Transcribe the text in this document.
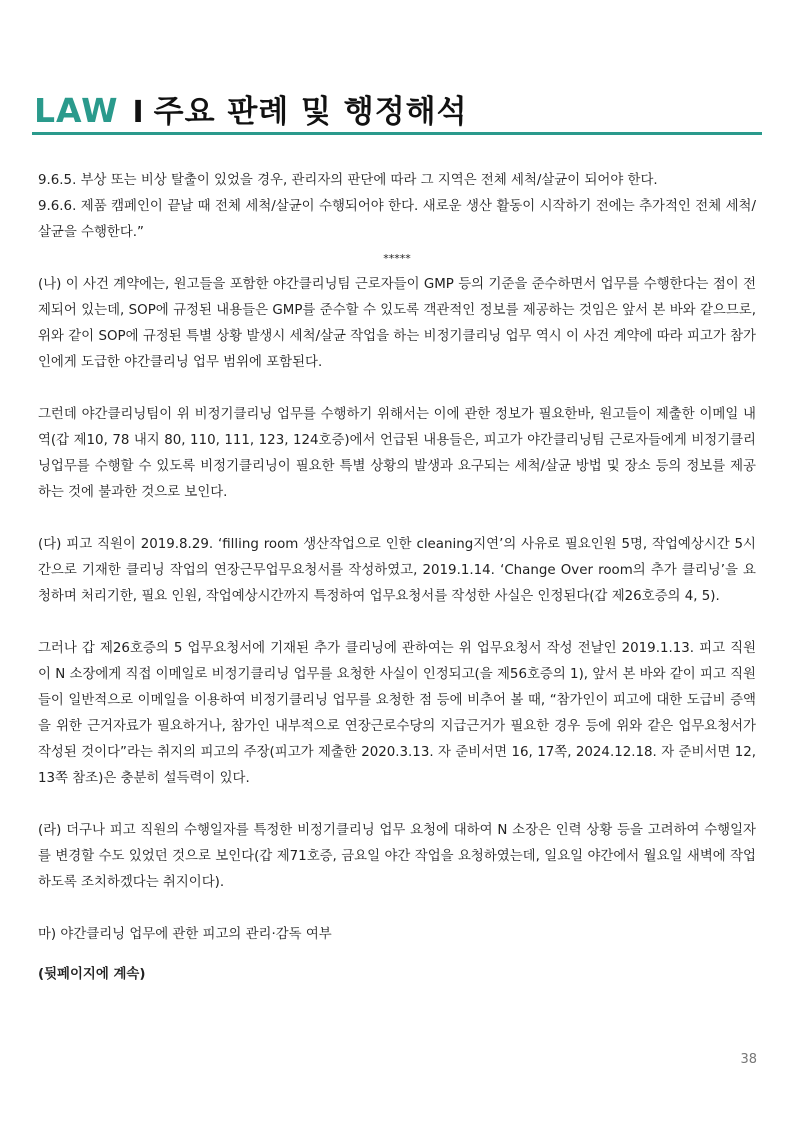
LAW I 주요 판례 및 행정해석

9.6.5. 부상 또는 비상 탈출이 있었을 경우, 관리자의 판단에 따라 그 지역은 전체 세척/살균이 되어야 한다.

9.6.6. 제품 캠페인이 끝날 때 전체 세척/살균이 수행되어야 한다. 새로운 생산 활동이 시작하기 전에는 추가적인 전체 세척/살균을 수행한다.”

*****

(나) 이 사건 계약에는, 원고들을 포함한 야간클리닝팀 근로자들이 GMP 등의 기준을 준수하면서 업무를 수행한다는 점이 전제되어 있는데, SOP에 규정된 내용들은 GMP를 준수할 수 있도록 객관적인 정보를 제공하는 것임은 앞서 본 바와 같으므로, 위와 같이 SOP에 규정된 특별 상황 발생시 세척/살균 작업을 하는 비정기클리닝 업무 역시 이 사건 계약에 따라 피고가 참가인에게 도급한 야간클리닝 업무 범위에 포함된다.

그런데 야간클리닝팀이 위 비정기클리닝 업무를 수행하기 위해서는 이에 관한 정보가 필요한바, 원고들이 제출한 이메일 내역(갑 제10, 78 내지 80, 110, 111, 123, 124호증)에서 언급된 내용들은, 피고가 야간클리닝팀 근로자들에게 비정기클리닝업무를 수행할 수 있도록 비정기클리닝이 필요한 특별 상황의 발생과 요구되는 세척/살균 방법 및 장소 등의 정보를 제공하는 것에 불과한 것으로 보인다.

(다) 피고 직원이 2019.8.29. ‘filling room 생산작업으로 인한 cleaning지연’의 사유로 필요인원 5명, 작업예상시간 5시간으로 기재한 클리닝 작업의 연장근무업무요청서를 작성하였고, 2019.1.14. ‘Change Over room의 추가 클리닝’을 요청하며 처리기한, 필요 인원, 작업예상시간까지 특정하여 업무요청서를 작성한 사실은 인정된다(갑 제26호증의 4, 5).

그러나 갑 제26호증의 5 업무요청서에 기재된 추가 클리닝에 관하여는 위 업무요청서 작성 전날인 2019.1.13. 피고 직원이 N 소장에게 직접 이메일로 비정기클리닝 업무를 요청한 사실이 인정되고(을 제56호증의 1), 앞서 본 바와 같이 피고 직원들이 일반적으로 이메일을 이용하여 비정기클리닝 업무를 요청한 점 등에 비추어 볼 때, “참가인이 피고에 대한 도급비 증액을 위한 근거자료가 필요하거나, 참가인 내부적으로 연장근로수당의 지급근거가 필요한 경우 등에 위와 같은 업무요청서가 작성된 것이다”라는 취지의 피고의 주장(피고가 제출한 2020.3.13. 자 준비서면 16, 17쪽, 2024.12.18. 자 준비서면 12, 13쪽 참조)은 충분히 설득력이 있다.

(라) 더구나 피고 직원의 수행일자를 특정한 비정기클리닝 업무 요청에 대하여 N 소장은 인력 상황 등을 고려하여 수행일자를 변경할 수도 있었던 것으로 보인다(갑 제71호증, 금요일 야간 작업을 요청하였는데, 일요일 야간에서 월요일 새벽에 작업하도록 조치하겠다는 취지이다).

마) 야간클리닝 업무에 관한 피고의 관리·감독 여부

(뒷페이지에 계속)

38
